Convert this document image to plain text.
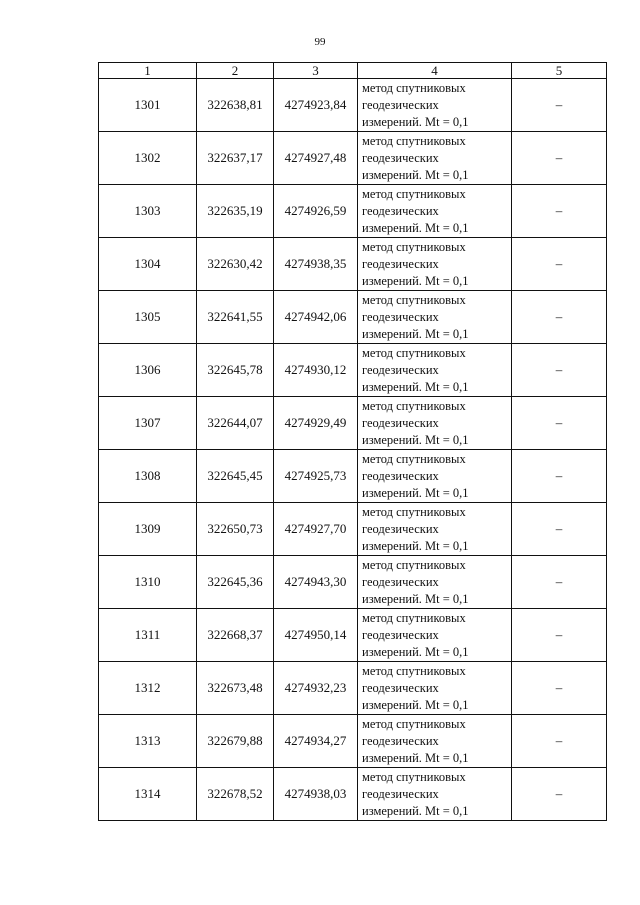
99
1	2	3	4	5
1301	322638,81	4274923,84	метод спутниковых
геодезических
измерений. Mt = 0,1	–
1302	322637,17	4274927,48	метод спутниковых
геодезических
измерений. Mt = 0,1	–
1303	322635,19	4274926,59	метод спутниковых
геодезических
измерений. Mt = 0,1	–
1304	322630,42	4274938,35	метод спутниковых
геодезических
измерений. Mt = 0,1	–
1305	322641,55	4274942,06	метод спутниковых
геодезических
измерений. Mt = 0,1	–
1306	322645,78	4274930,12	метод спутниковых
геодезических
измерений. Mt = 0,1	–
1307	322644,07	4274929,49	метод спутниковых
геодезических
измерений. Mt = 0,1	–
1308	322645,45	4274925,73	метод спутниковых
геодезических
измерений. Mt = 0,1	–
1309	322650,73	4274927,70	метод спутниковых
геодезических
измерений. Mt = 0,1	–
1310	322645,36	4274943,30	метод спутниковых
геодезических
измерений. Mt = 0,1	–
1311	322668,37	4274950,14	метод спутниковых
геодезических
измерений. Mt = 0,1	–
1312	322673,48	4274932,23	метод спутниковых
геодезических
измерений. Mt = 0,1	–
1313	322679,88	4274934,27	метод спутниковых
геодезических
измерений. Mt = 0,1	–
1314	322678,52	4274938,03	метод спутниковых
геодезических
измерений. Mt = 0,1	–
